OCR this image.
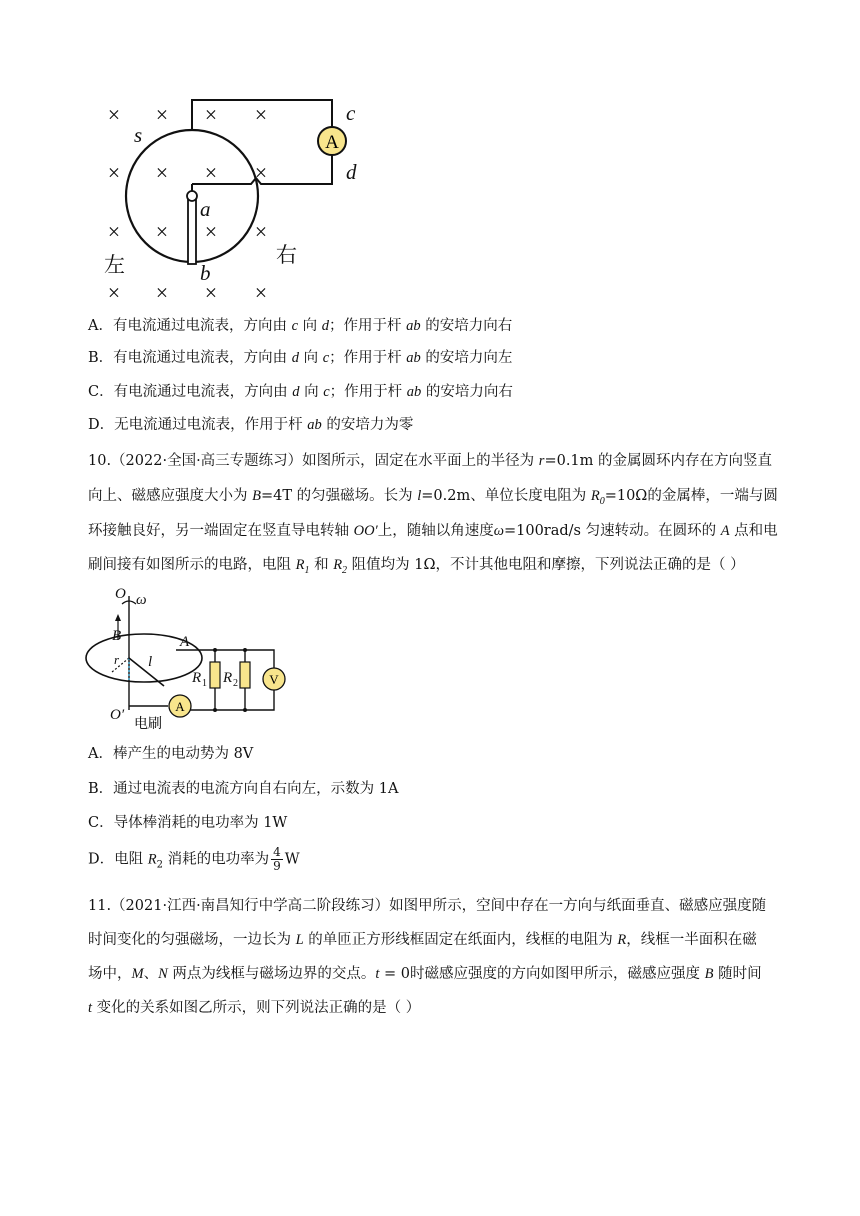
× × × ×
× × × ×
× × × ×
× × × ×
A
s
c
d
a
b
左	右
A．有电流通过电流表，方向由 c 向 d；作用于杆 ab 的安培力向右
B．有电流通过电流表，方向由 d 向 c；作用于杆 ab 的安培力向左
C．有电流通过电流表，方向由 d 向 c；作用于杆 ab 的安培力向右
D．无电流通过电流表，作用于杆 ab 的安培力为零
10.（2022·全国·高三专题练习）如图所示，固定在水平面上的半径为 r=0.1m 的金属圆环内存在方向竖直
向上、磁感应强度大小为 B=4T 的匀强磁场。长为 l=0.2m、单位长度电阻为 $R_0=10\Omega$的金属棒，一端与圆
环接触良好，另一端固定在竖直导电转轴 OO′上，随轴以角速度ω=100rad/s 匀速转动。在圆环的 A 点和电
刷间接有如图所示的电路，电阻 $R_1$ 和 $R_2$ 阻值均为 1Ω，不计其他电阻和摩擦，下列说法正确的是（ ）
O ω
B
r l
A
R 1 R 2
O′
V
A
电刷
A．棒产生的电动势为 8V
B．通过电流表的电流方向自右向左，示数为 1A
C．导体棒消耗的电功率为 1W
D．电阻 $R_2$ 消耗的电功率为 $\frac{4}{9}$ W
11.（2021·江西·南昌知行中学高二阶段练习）如图甲所示，空间中存在一方向与纸面垂直、磁感应强度随
时间变化的匀强磁场，一边长为 L 的单匝正方形线框固定在纸面内，线框的电阻为 R，线框一半面积在磁
场中，M、N 两点为线框与磁场边界的交点。t = 0时磁感应强度的方向如图甲所示，磁感应强度 B 随时间
t 变化的关系如图乙所示，则下列说法正确的是（ ）
